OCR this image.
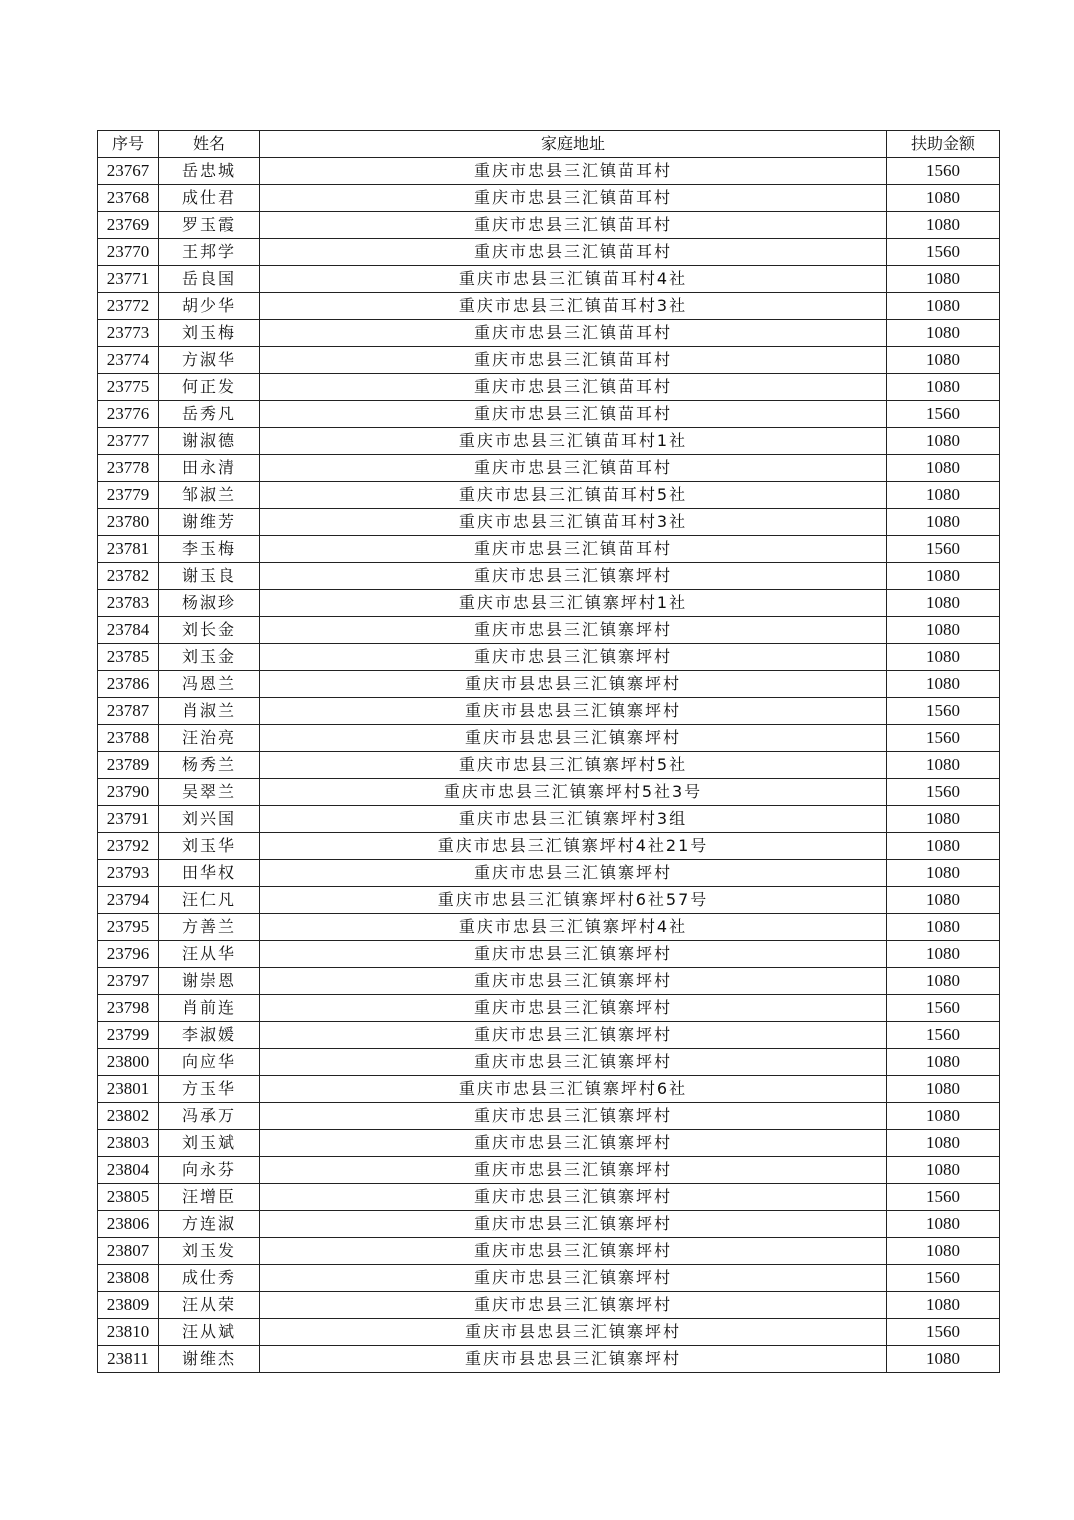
序号	姓名	家庭地址	扶助金额
23767	岳忠城	重庆市忠县三汇镇苗耳村	1560
23768	成仕君	重庆市忠县三汇镇苗耳村	1080
23769	罗玉霞	重庆市忠县三汇镇苗耳村	1080
23770	王邦学	重庆市忠县三汇镇苗耳村	1560
23771	岳良国	重庆市忠县三汇镇苗耳村4社	1080
23772	胡少华	重庆市忠县三汇镇苗耳村3社	1080
23773	刘玉梅	重庆市忠县三汇镇苗耳村	1080
23774	方淑华	重庆市忠县三汇镇苗耳村	1080
23775	何正发	重庆市忠县三汇镇苗耳村	1080
23776	岳秀凡	重庆市忠县三汇镇苗耳村	1560
23777	谢淑德	重庆市忠县三汇镇苗耳村1社	1080
23778	田永清	重庆市忠县三汇镇苗耳村	1080
23779	邹淑兰	重庆市忠县三汇镇苗耳村5社	1080
23780	谢维芳	重庆市忠县三汇镇苗耳村3社	1080
23781	李玉梅	重庆市忠县三汇镇苗耳村	1560
23782	谢玉良	重庆市忠县三汇镇寨坪村	1080
23783	杨淑珍	重庆市忠县三汇镇寨坪村1社	1080
23784	刘长金	重庆市忠县三汇镇寨坪村	1080
23785	刘玉金	重庆市忠县三汇镇寨坪村	1080
23786	冯恩兰	重庆市县忠县三汇镇寨坪村	1080
23787	肖淑兰	重庆市县忠县三汇镇寨坪村	1560
23788	汪治亮	重庆市县忠县三汇镇寨坪村	1560
23789	杨秀兰	重庆市忠县三汇镇寨坪村5社	1080
23790	吴翠兰	重庆市忠县三汇镇寨坪村5社3号	1560
23791	刘兴国	重庆市忠县三汇镇寨坪村3组	1080
23792	刘玉华	重庆市忠县三汇镇寨坪村4社21号	1080
23793	田华权	重庆市忠县三汇镇寨坪村	1080
23794	汪仁凡	重庆市忠县三汇镇寨坪村6社57号	1080
23795	方善兰	重庆市忠县三汇镇寨坪村4社	1080
23796	汪从华	重庆市忠县三汇镇寨坪村	1080
23797	谢崇恩	重庆市忠县三汇镇寨坪村	1080
23798	肖前连	重庆市忠县三汇镇寨坪村	1560
23799	李淑媛	重庆市忠县三汇镇寨坪村	1560
23800	向应华	重庆市忠县三汇镇寨坪村	1080
23801	方玉华	重庆市忠县三汇镇寨坪村6社	1080
23802	冯承万	重庆市忠县三汇镇寨坪村	1080
23803	刘玉斌	重庆市忠县三汇镇寨坪村	1080
23804	向永芬	重庆市忠县三汇镇寨坪村	1080
23805	汪增臣	重庆市忠县三汇镇寨坪村	1560
23806	方连淑	重庆市忠县三汇镇寨坪村	1080
23807	刘玉发	重庆市忠县三汇镇寨坪村	1080
23808	成仕秀	重庆市忠县三汇镇寨坪村	1560
23809	汪从荣	重庆市忠县三汇镇寨坪村	1080
23810	汪从斌	重庆市县忠县三汇镇寨坪村	1560
23811	谢维杰	重庆市县忠县三汇镇寨坪村	1080
